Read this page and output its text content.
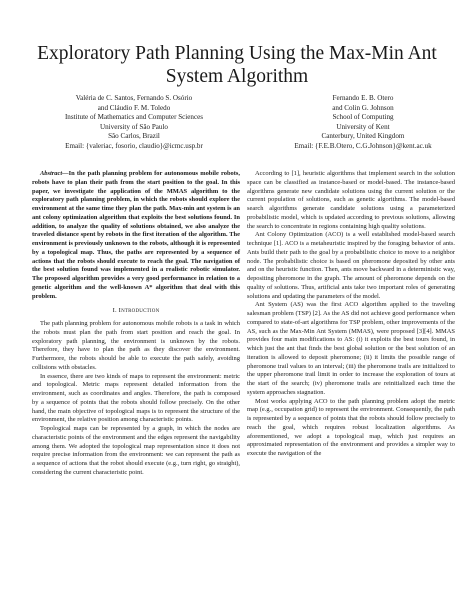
Exploratory Path Planning Using the Max-Min Ant
System Algorithm
Valéria de C. Santos, Fernando S. Osório
and Cláudio F. M. Toledo
Institute of Mathematics and Computer Sciences
University of São Paulo
São Carlos, Brazil
Email: {valeriac, fosorio, claudio}@icmc.usp.br
Fernando E. B. Otero
and Colin G. Johnson
School of Computing
University of Kent
Canterbury, United Kingdom
Email: {F.E.B.Otero, C.G.Johnson}@kent.ac.uk

Abstract—In the path planning problem for autonomous mobile robots, robots have to plan their path from the start position to the goal. In this paper, we investigate the application of the MMAS algorithm to the exploratory path planning problem, in which the robots should explore the environment at the same time they plan the path. Max-min ant system is an ant colony optimization algorithm that exploits the best solutions found. In addition, to analyze the quality of solutions obtained, we also analyze the traveled distance spent by robots in the first iteration of the algorithm. The environment is previously unknown to the robots, although it is represented by a topological map. Thus, the paths are represented by a sequence of actions that the robots should execute to reach the goal. The navigation of the best solution found was implemented in a realistic robotic simulator. The proposed algorithm provides a very good performance in relation to a genetic algorithm and the well-known A* algorithm that deal with this problem.

I. Introduction

The path planning problem for autonomous mobile robots is a task in which the robots must plan the path from start position and reach the goal. In exploratory path planning, the environment is unknown by the robots. Therefore, they have to plan the path as they discover the environment. Furthermore, the robots should be able to execute the path safely, avoiding collisions with obstacles.

In essence, there are two kinds of maps to represent the environment: metric and topological. Metric maps represent detailed information from the environment, such as coordinates and angles. Therefore, the path is composed by a sequence of points that the robots should follow precisely. On the other hand, the main objective of topological maps is to represent the structure of the environment, the relative position among characteristic points.

Topological maps can be represented by a graph, in which the nodes are characteristic points of the environment and the edges represent the navigability among them. We adopted the topological map representation since it does not require precise information from the environment: we can represent the path as a sequence of actions that the robot should execute (e.g., turn right, go straight), considering the current characteristic point.

According to [1], heuristic algorithms that implement search in the solution space can be classified as instance-based or model-based. The instance-based algorithms generate new candidate solutions using the current solution or the current population of solutions, such as genetic algorithms. The model-based search algorithms generate candidate solutions using a parameterized probabilistic model, which is updated according to previous solutions, allowing the search to concentrate in regions containing high quality solutions.

Ant Colony Optimization (ACO) is a well established model-based search technique [1]. ACO is a metaheuristic inspired by the foraging behavior of ants. Ants build their path to the goal by a probabilistic choice to move to a neighbor node. The probabilistic choice is based on pheromone deposited by other ants and on the heuristic function. Then, ants move backward in a deterministic way, depositing pheromone in the graph. The amount of pheromone depends on the quality of solutions. Thus, artificial ants take two important roles of generating solutions and updating the parameters of the model.

Ant System (AS) was the first ACO algorithm applied to the traveling salesman problem (TSP) [2]. As the AS did not achieve good performance when compared to state-of-art algorithms for TSP problem, other improvements of the AS, such as the Max-Min Ant System (MMAS), were proposed [3][4]. MMAS provides four main modifications to AS: (i) it exploits the best tours found, in which just the ant that finds the best global solution or the best solution of an iteration is allowed to deposit pheromone; (ii) it limits the possible range of pheromone trail values to an interval; (iii) the pheromone trails are initialized to the upper pheromone trail limit in order to increase the exploration of tours at the start of the search; (iv) pheromone trails are reinitialized each time the system approaches stagnation.

Most works applying ACO to the path planning problem adopt the metric map (e.g., occupation grid) to represent the environment. Consequently, the path is represented by a sequence of points that the robots should follow precisely to reach the goal, which requires robust localization algorithms. As aforementioned, we adopt a topological map, which just requires an approximated representation of the environment and provides a simpler way to execute the navigation of the
